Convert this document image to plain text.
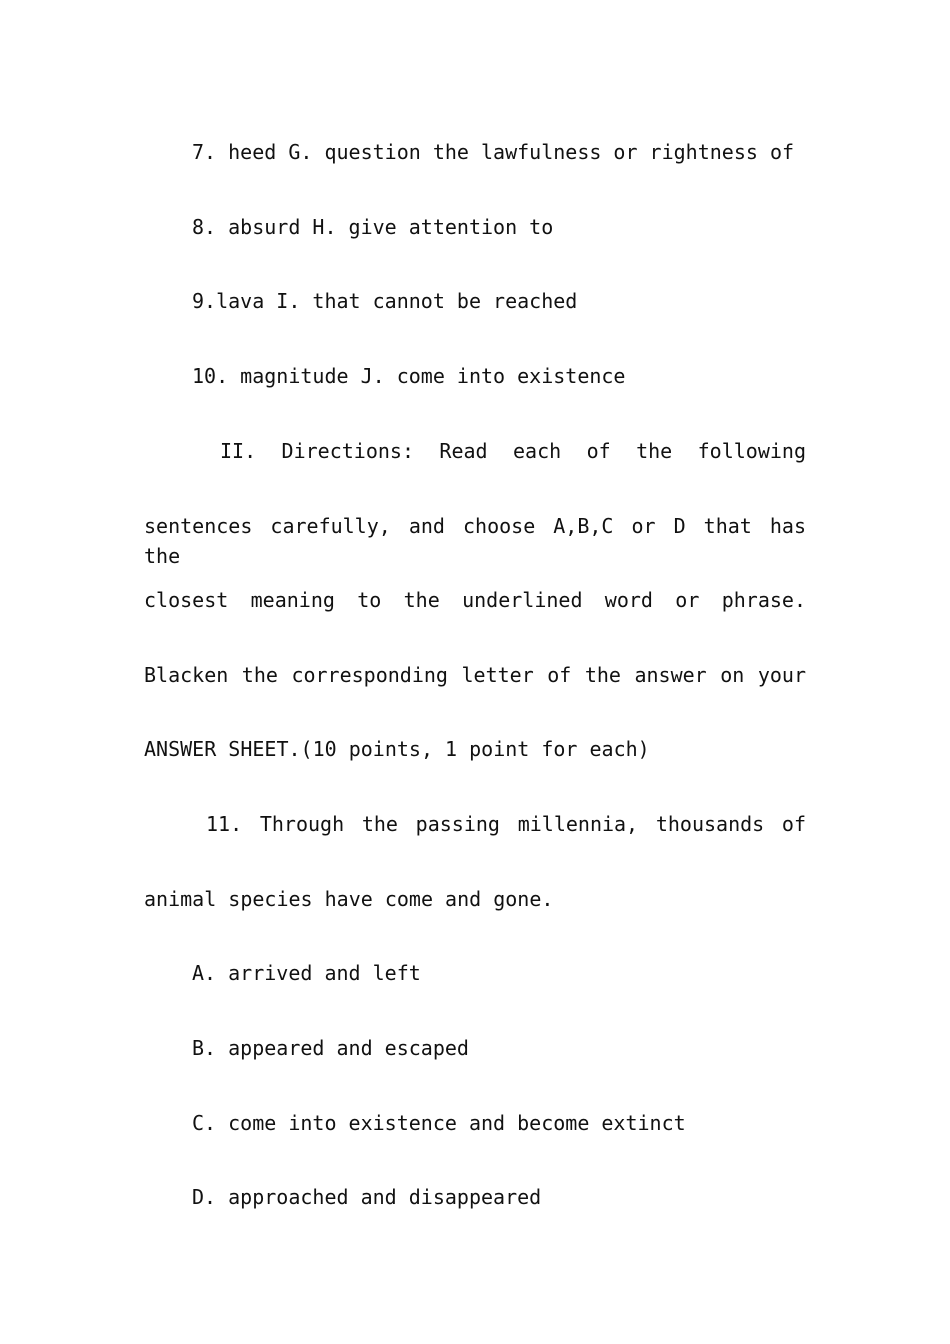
7. heed G. question the lawfulness or rightness of
8. absurd H. give attention to
9.lava I. that cannot be reached
10. magnitude J. come into existence
II. Directions: Read each of the following
sentences carefully, and choose A,B,C or D that has the
closest meaning to the underlined word or phrase.
Blacken the corresponding letter of the answer on your
ANSWER SHEET.(10 points, 1 point for each)
11. Through the passing millennia, thousands of
animal species have come and gone.
A. arrived and left
B. appeared and escaped
C. come into existence and become extinct
D. approached and disappeared
